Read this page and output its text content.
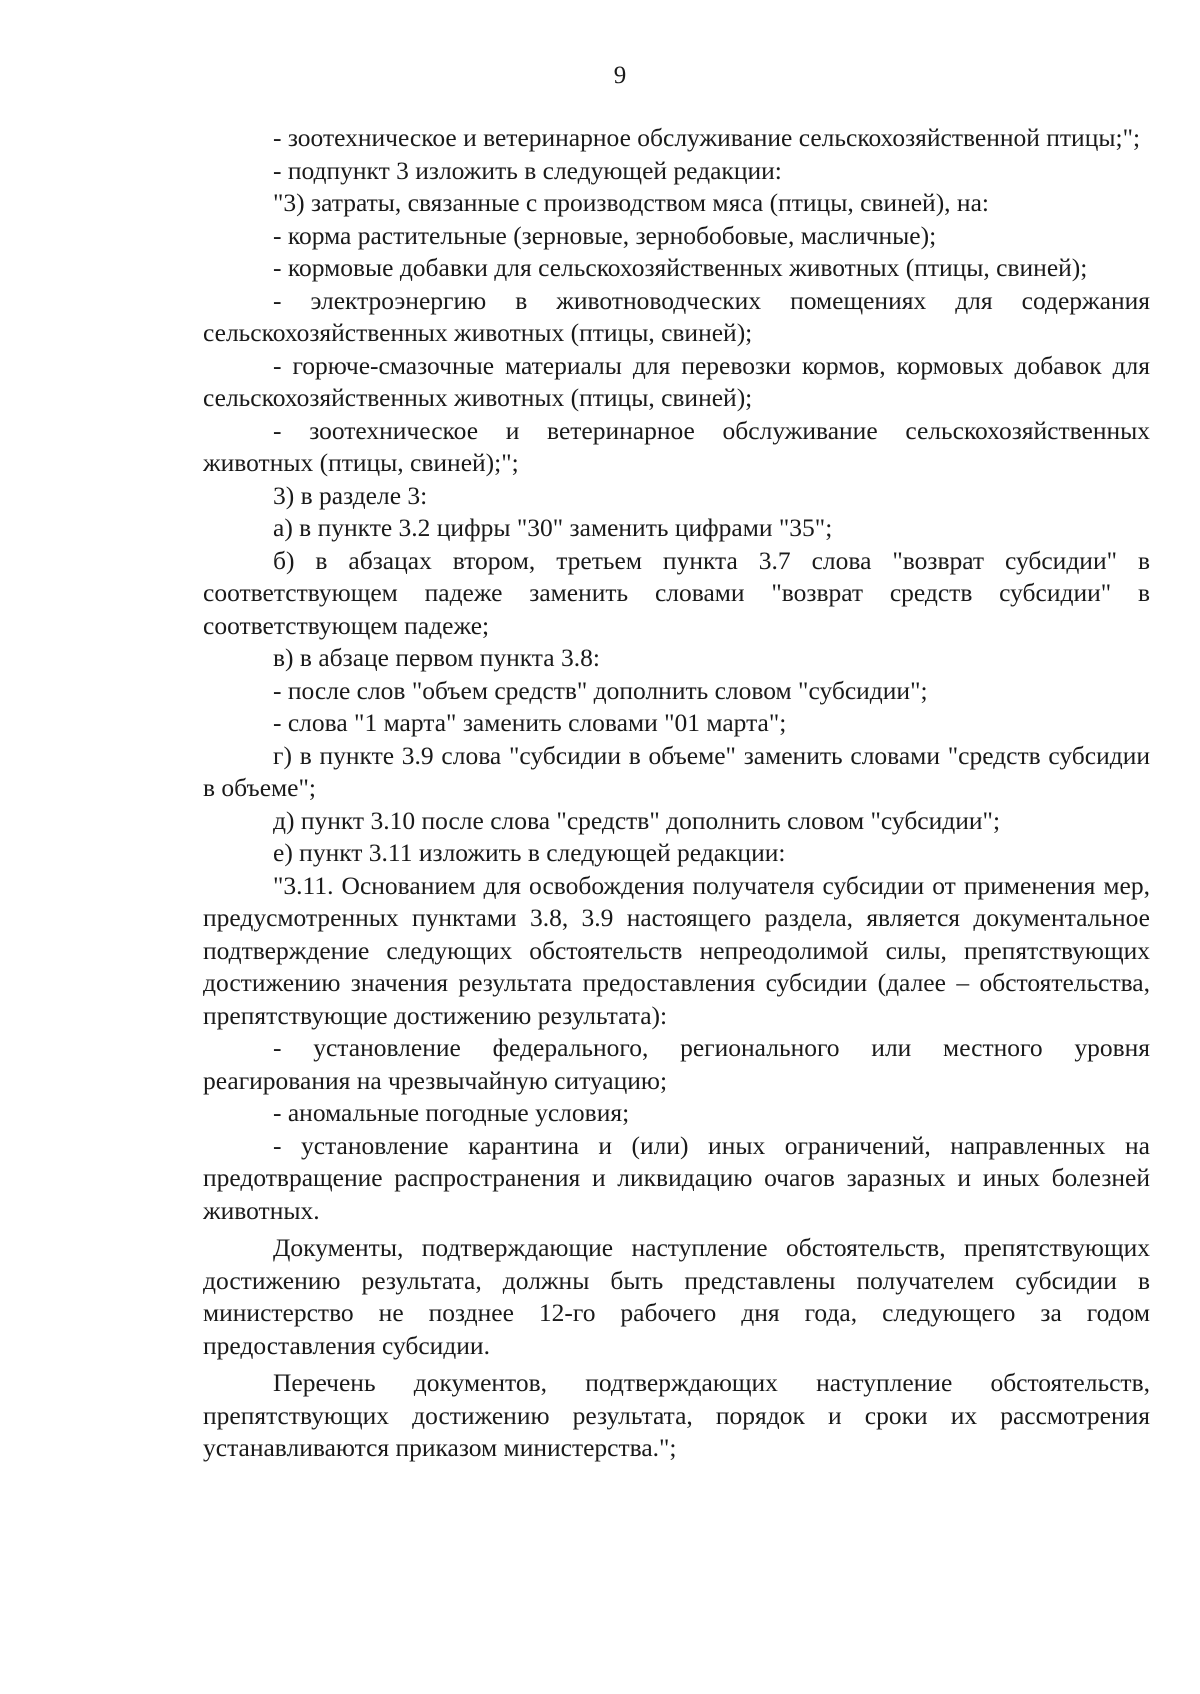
9

- зоотехническое и ветеринарное обслуживание сельскохозяйственной птицы;";

- подпункт 3 изложить в следующей редакции:

"3) затраты, связанные с производством мяса (птицы, свиней), на:

- корма растительные (зерновые, зернобобовые, масличные);

- кормовые добавки для сельскохозяйственных животных (птицы, свиней);

- электроэнергию в животноводческих помещениях для содержания сельскохозяйственных животных (птицы, свиней);

- горюче-смазочные материалы для перевозки кормов, кормовых добавок для сельскохозяйственных животных (птицы, свиней);

- зоотехническое и ветеринарное обслуживание сельскохозяйственных животных (птицы, свиней);";

3) в разделе 3:

а) в пункте 3.2 цифры "30" заменить цифрами "35";

б) в абзацах втором, третьем пункта 3.7 слова "возврат субсидии" в соответствующем падеже заменить словами "возврат средств субсидии" в соответствующем падеже;

в) в абзаце первом пункта 3.8:

- после слов "объем средств" дополнить словом "субсидии";

- слова "1 марта" заменить словами "01 марта";

г) в пункте 3.9 слова "субсидии в объеме" заменить словами "средств субсидии в объеме";

д) пункт 3.10 после слова "средств" дополнить словом "субсидии";

е) пункт 3.11 изложить в следующей редакции:

"3.11. Основанием для освобождения получателя субсидии от применения мер, предусмотренных пунктами 3.8, 3.9 настоящего раздела, является документальное подтверждение следующих обстоятельств непреодолимой силы, препятствующих достижению значения результата предоставления субсидии (далее – обстоятельства, препятствующие достижению результата):

- установление федерального, регионального или местного уровня реагирования на чрезвычайную ситуацию;

- аномальные погодные условия;

- установление карантина и (или) иных ограничений, направленных на предотвращение распространения и ликвидацию очагов заразных и иных болезней животных.

Документы, подтверждающие наступление обстоятельств, препятствующих достижению результата, должны быть представлены получателем субсидии в министерство не позднее 12-го рабочего дня года, следующего за годом предоставления субсидии.

Перечень документов, подтверждающих наступление обстоятельств, препятствующих достижению результата, порядок и сроки их рассмотрения устанавливаются приказом министерства.";
